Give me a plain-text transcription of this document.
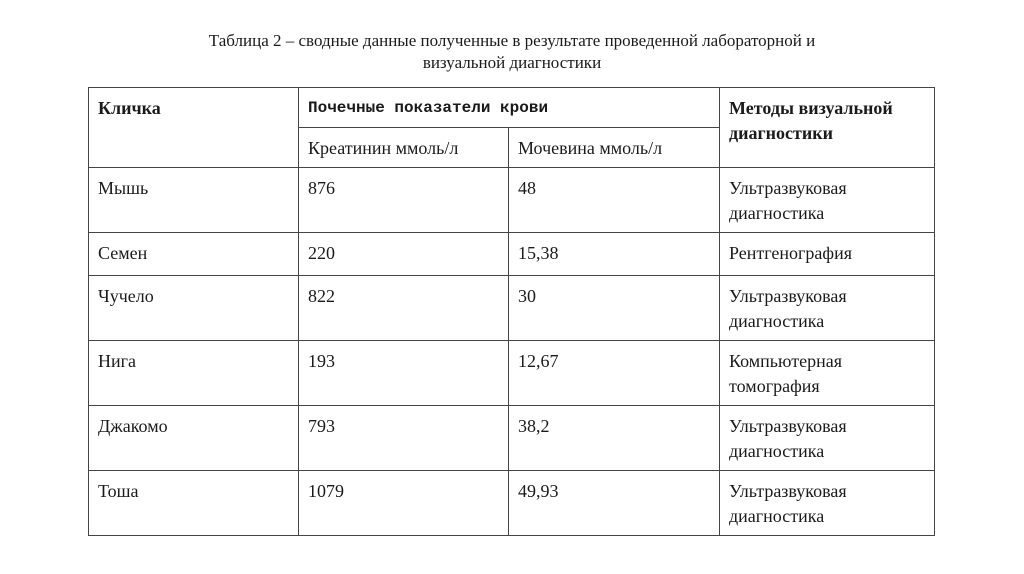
Таблица 2 – сводные данные полученные в результате проведенной лабораторной и
визуальной диагностики
Кличка	Почечные показатели крови		Методы визуальной диагностики
	Креатинин ммоль/л	Мочевина ммоль/л	
Мышь	876	48	Ультразвуковая диагностика
Семен	220	15,38	Рентгенография
Чучело	822	30	Ультразвуковая диагностика
Нига	193	12,67	Компьютерная томография
Джакомо	793	38,2	Ультразвуковая диагностика
Тоша	1079	49,93	Ультразвуковая диагностика
